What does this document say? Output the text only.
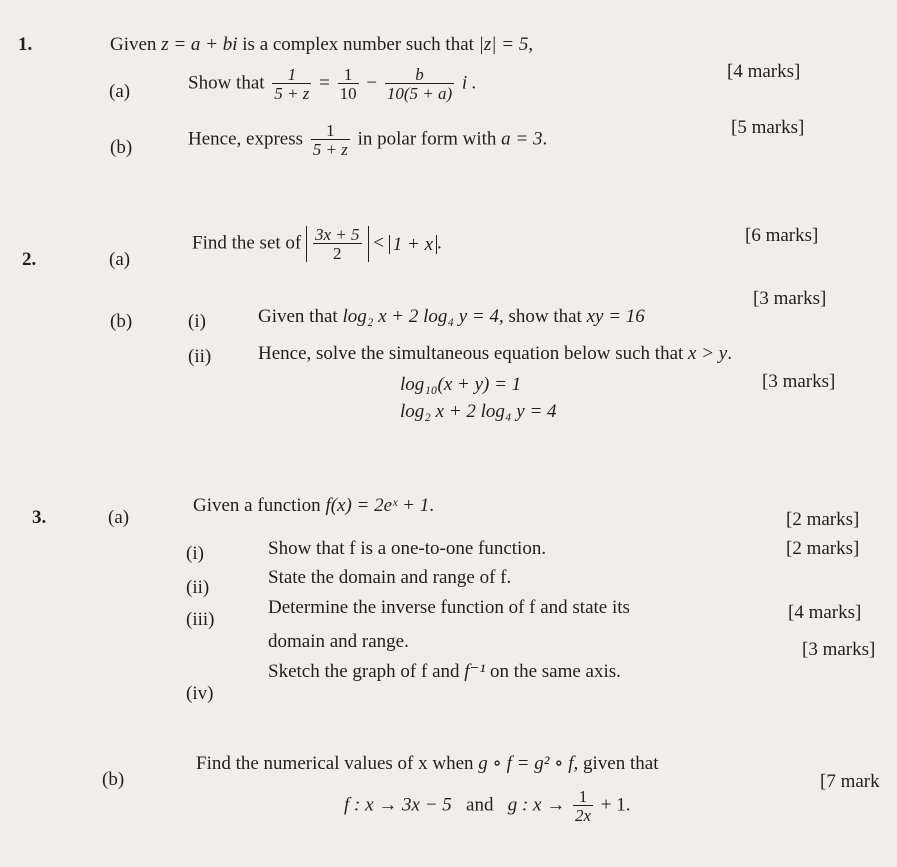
1.	Given z = a + bi is a complex number such that |z| = 5,
(a)	Show that $\frac{1}{5 + z} = \frac{1}{10} - \frac{b}{10(5 + a)}$ i .
[4 marks]
(b)	Hence, express $\frac{1}{5 + z}$ in polar form with a = 3.
[5 marks]
2.	(a)
Find the set of $\frac{3x + 5}{2} < 1 + x$ .	[6 marks]
(b)	(i)	Given that log₂ x + 2 log₄ y = 4, show that xy = 16
[3 marks]
(ii) Hence, solve the simultaneous equation below such that x > y.
log₁₀(x + y) = 1
log₂ x + 2 log₄ y = 4
[3 marks]
3.	(a)
Given a function f(x) = 2eˣ + 1.
(i)	Show that f is a one-to-one function.
[2 marks]
(ii)	State the domain and range of f.
[2 marks]
(iii)
Determine the inverse function of f and state its
domain and range.
[4 marks]
(iv)
Sketch the graph of f and f⁻¹ on the same axis.
[3 marks]
(b)
Find the numerical values of x when g ∘ f = g² ∘ f, given that
f : x → 3x − 5 and g : $x \to \frac{1}{2x} + 1$.
[7 mark
